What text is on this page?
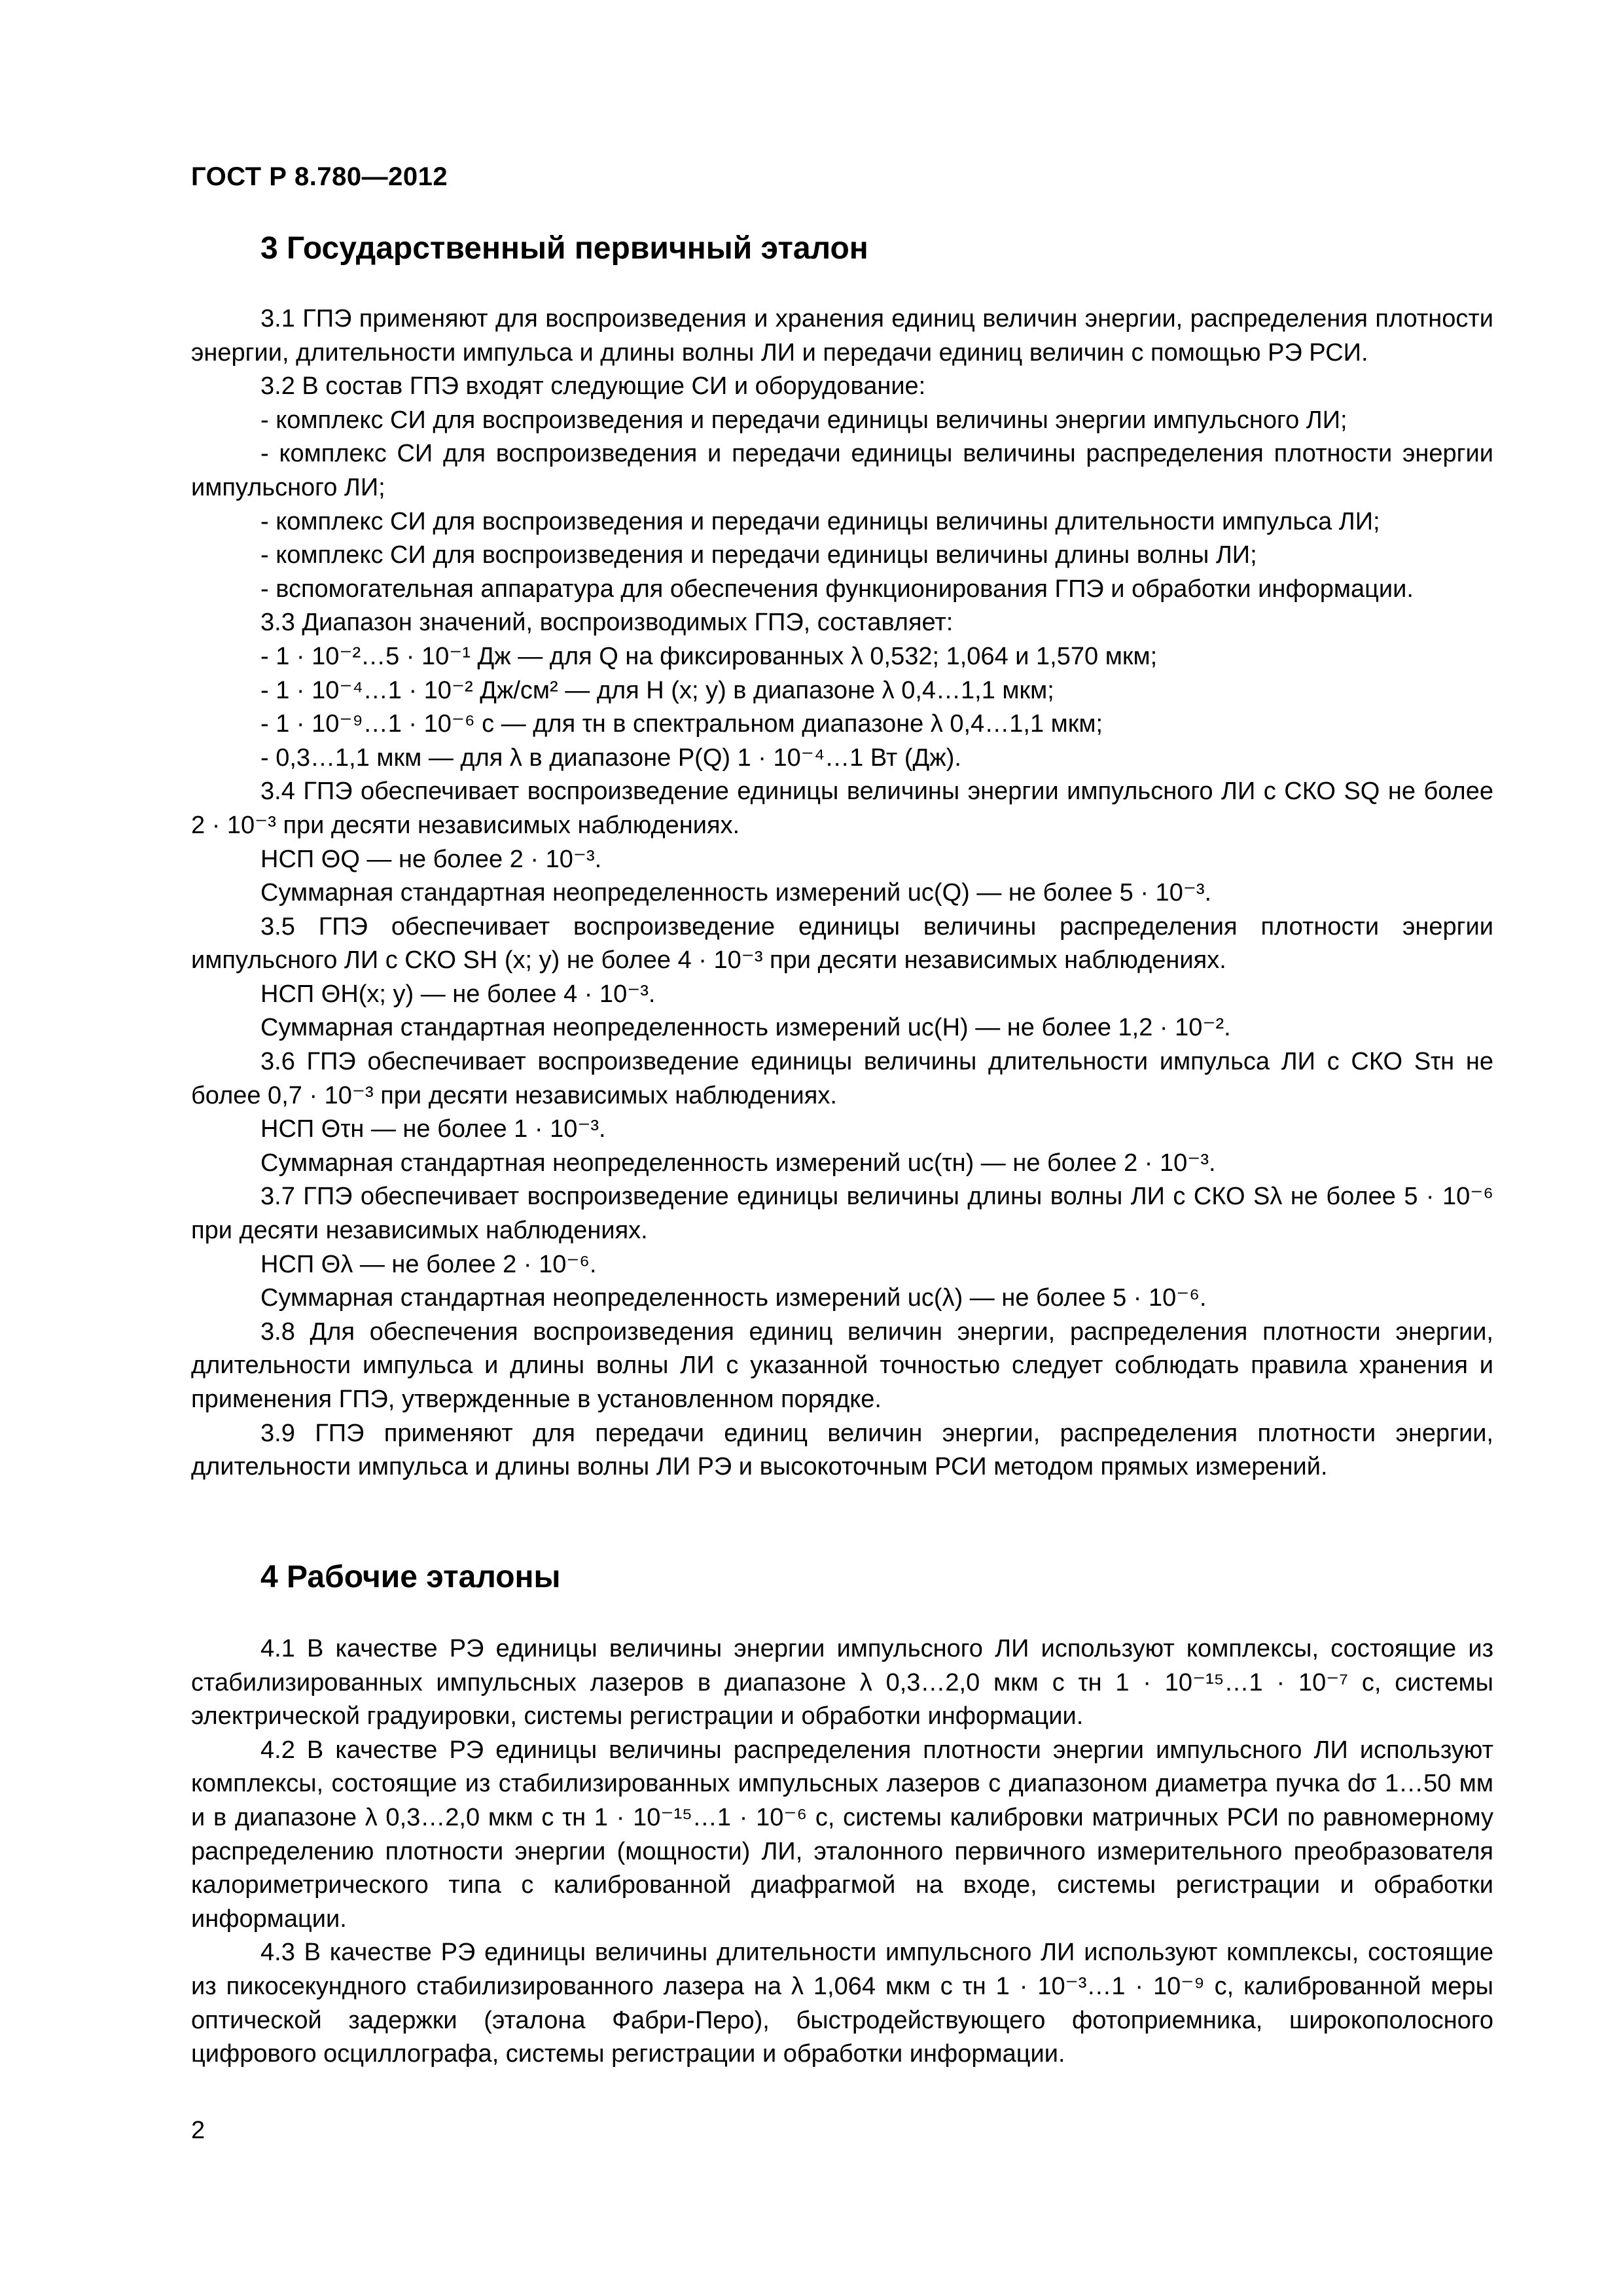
ГОСТ Р 8.780—2012
3 Государственный первичный эталон

3.1 ГПЭ применяют для воспроизведения и хранения единиц величин энергии, распределения плотности энергии, длительности импульса и длины волны ЛИ и передачи единиц величин с помощью РЭ РСИ.

3.2 В состав ГПЭ входят следующие СИ и оборудование:

- комплекс СИ для воспроизведения и передачи единицы величины энергии импульсного ЛИ;

- комплекс СИ для воспроизведения и передачи единицы величины распределения плотности энергии импульсного ЛИ;

- комплекс СИ для воспроизведения и передачи единицы величины длительности импульса ЛИ;

- комплекс СИ для воспроизведения и передачи единицы величины длины волны ЛИ;

- вспомогательная аппаратура для обеспечения функционирования ГПЭ и обработки информации.

3.3 Диапазон значений, воспроизводимых ГПЭ, составляет:

- 1 · 10⁻²…5 · 10⁻¹ Дж — для Q на фиксированных λ 0,532; 1,064 и 1,570 мкм;

- 1 · 10⁻⁴…1 · 10⁻² Дж/см² — для H (x; y) в диапазоне λ 0,4…1,1 мкм;

- 1 · 10⁻⁹…1 · 10⁻⁶ с — для τн в спектральном диапазоне λ 0,4…1,1 мкм;

- 0,3…1,1 мкм — для λ в диапазоне P(Q) 1 · 10⁻⁴…1 Вт (Дж).

3.4 ГПЭ обеспечивает воспроизведение единицы величины энергии импульсного ЛИ с СКО SQ не более 2 · 10⁻³ при десяти независимых наблюдениях.

НСП ΘQ — не более 2 · 10⁻³.

Суммарная стандартная неопределенность измерений uc(Q) — не более 5 · 10⁻³.

3.5 ГПЭ обеспечивает воспроизведение единицы величины распределения плотности энергии импульсного ЛИ с СКО SH (x; y) не более 4 · 10⁻³ при десяти независимых наблюдениях.

НСП ΘH(x; y) — не более 4 · 10⁻³.

Суммарная стандартная неопределенность измерений uc(H) — не более 1,2 · 10⁻².

3.6 ГПЭ обеспечивает воспроизведение единицы величины длительности импульса ЛИ с СКО Sτн не более 0,7 · 10⁻³ при десяти независимых наблюдениях.

НСП Θτн — не более 1 · 10⁻³.

Суммарная стандартная неопределенность измерений uc(τн) — не более 2 · 10⁻³.

3.7 ГПЭ обеспечивает воспроизведение единицы величины длины волны ЛИ с СКО Sλ не более 5 · 10⁻⁶ при десяти независимых наблюдениях.

НСП Θλ — не более 2 · 10⁻⁶.

Суммарная стандартная неопределенность измерений uc(λ) — не более 5 · 10⁻⁶.

3.8 Для обеспечения воспроизведения единиц величин энергии, распределения плотности энергии, длительности импульса и длины волны ЛИ с указанной точностью следует соблюдать правила хранения и применения ГПЭ, утвержденные в установленном порядке.

3.9 ГПЭ применяют для передачи единиц величин энергии, распределения плотности энергии, длительности импульса и длины волны ЛИ РЭ и высокоточным РСИ методом прямых измерений.

4 Рабочие эталоны

4.1 В качестве РЭ единицы величины энергии импульсного ЛИ используют комплексы, состоящие из стабилизированных импульсных лазеров в диапазоне λ 0,3…2,0 мкм с τн 1 · 10⁻¹⁵…1 · 10⁻⁷ с, системы электрической градуировки, системы регистрации и обработки информации.

4.2 В качестве РЭ единицы величины распределения плотности энергии импульсного ЛИ используют комплексы, состоящие из стабилизированных импульсных лазеров с диапазоном диаметра пучка dσ 1…50 мм и в диапазоне λ 0,3…2,0 мкм с τн 1 · 10⁻¹⁵…1 · 10⁻⁶ с, системы калибровки матричных РСИ по равномерному распределению плотности энергии (мощности) ЛИ, эталонного первичного измерительного преобразователя калориметрического типа с калиброванной диафрагмой на входе, системы регистрации и обработки информации.

4.3 В качестве РЭ единицы величины длительности импульсного ЛИ используют комплексы, состоящие из пикосекундного стабилизированного лазера на λ 1,064 мкм с τн 1 · 10⁻³…1 · 10⁻⁹ с, калиброванной меры оптической задержки (эталона Фабри-Перо), быстродействующего фотоприемника, широкополосного цифрового осциллографа, системы регистрации и обработки информации.

2
